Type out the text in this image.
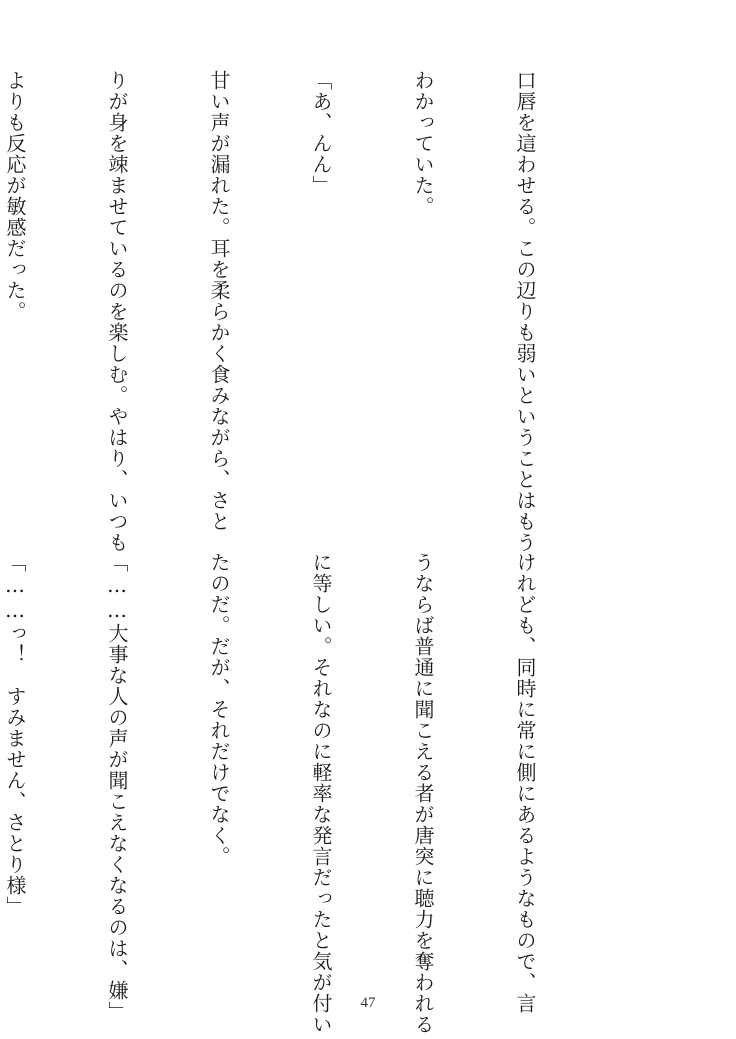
口唇を這わせる。この辺りも弱いということはもう

わかっていた。

「あ、んん」

甘い声が漏れた。耳を柔らかく食みながら、さと

りが身を竦ませているのを楽しむ。やはり、いつも

よりも反応が敏感だった。

けれども、同時に常に側にあるようなもので、言

うならば普通に聞こえる者が唐突に聴力を奪われる

に等しい。それなのに軽率な発言だったと気が付い

たのだ。だが、それだけでなく。

「……大事な人の声が聞こえなくなるのは、嫌」

「……っ！　すみません、さとり様」

47
